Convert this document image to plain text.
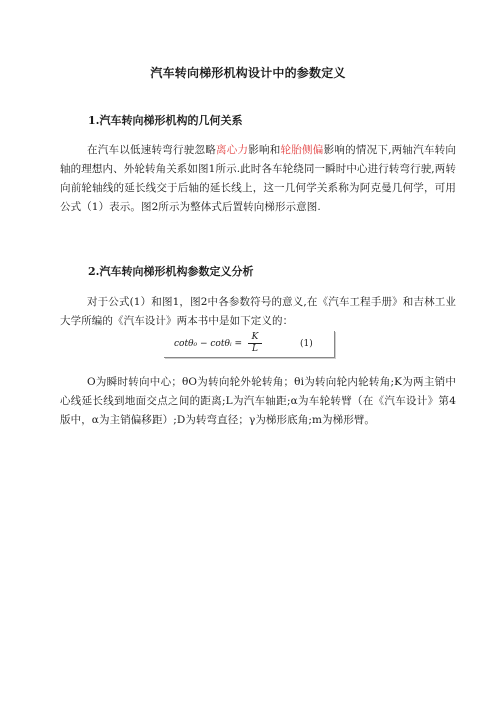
汽车转向梯形机构设计中的参数定义
1.汽车转向梯形机构的几何关系
在汽车以低速转弯行驶忽略离心力影响和轮胎侧偏影响的情况下,两轴汽车转向轴的理想内、外轮转角关系如图1所示.此时各车轮绕同一瞬时中心进行转弯行驶,两转向前轮轴线的延长线交于后轴的延长线上，这一几何学关系称为阿克曼几何学，可用公式（1）表示。图2所示为整体式后置转向梯形示意图.
2.汽车转向梯形机构参数定义分析
对于公式(1）和图1，图2中各参数符号的意义,在《汽车工程手册》和吉林工业大学所编的《汽车设计》两本书中是如下定义的：
cotθ₀ − cotθᵢ =
K
L	(1)
O为瞬时转向中心；θO为转向轮外轮转角；θi为转向轮内轮转角;K为两主销中心线延长线到地面交点之间的距离;L为汽车轴距;α为车轮转臂（在《汽车设计》第4版中，α为主销偏移距）;D为转弯直径；γ为梯形底角;m为梯形臂。
